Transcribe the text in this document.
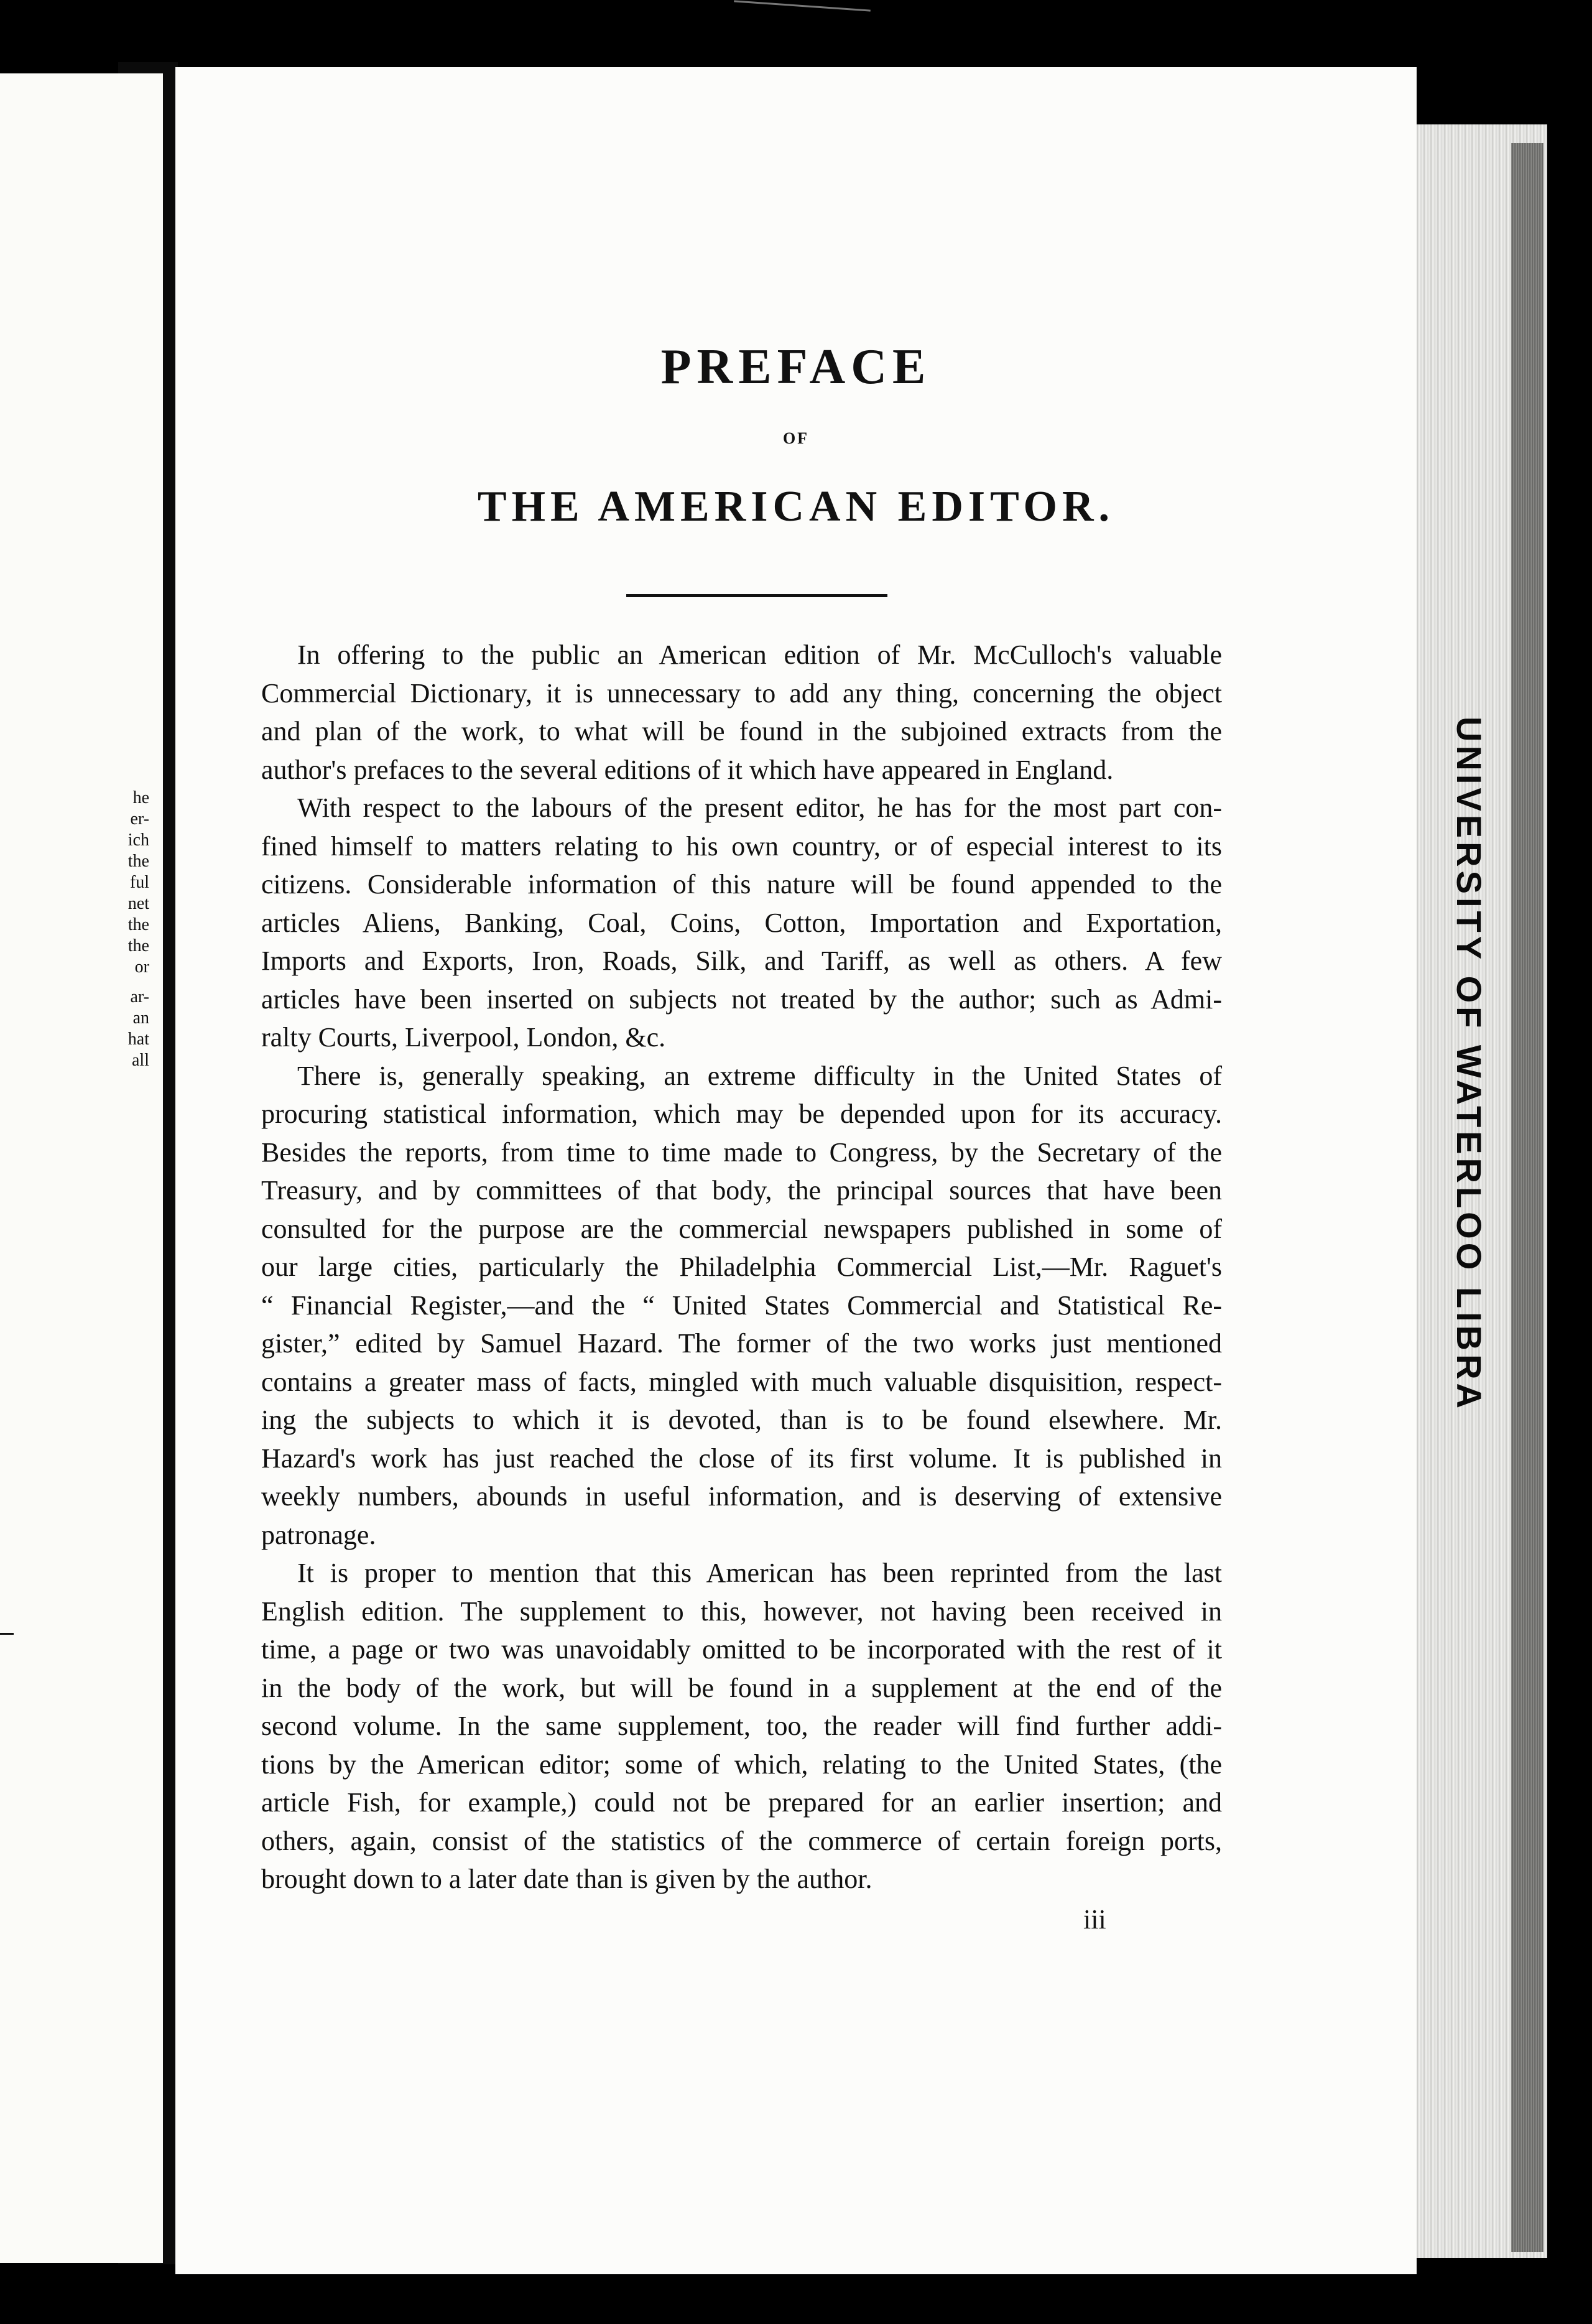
he
er-
ich
the
ful
net
the
the
or
ar-
an
hat
all	UNIVERSITY OF WATERLOO LIBRA
PREFACE
OF
THE AMERICAN EDITOR.

In offering to the public an American edition of Mr. McCulloch's valuable
Commercial Dictionary, it is unnecessary to add any thing, concerning the object
and plan of the work, to what will be found in the subjoined extracts from the
author's prefaces to the several editions of it which have appeared in England.

With respect to the labours of the present editor, he has for the most part con-
fined himself to matters relating to his own country, or of especial interest to its
citizens. Considerable information of this nature will be found appended to the
articles Aliens, Banking, Coal, Coins, Cotton, Importation and Exportation,
Imports and Exports, Iron, Roads, Silk, and Tariff, as well as others. A few
articles have been inserted on subjects not treated by the author; such as Admi-
ralty Courts, Liverpool, London, &c.

There is, generally speaking, an extreme difficulty in the United States of
procuring statistical information, which may be depended upon for its accuracy.
Besides the reports, from time to time made to Congress, by the Secretary of the
Treasury, and by committees of that body, the principal sources that have been
consulted for the purpose are the commercial newspapers published in some of
our large cities, particularly the Philadelphia Commercial List,—Mr. Raguet's
“ Financial Register,—and the “ United States Commercial and Statistical Re-
gister,” edited by Samuel Hazard. The former of the two works just mentioned
contains a greater mass of facts, mingled with much valuable disquisition, respect-
ing the subjects to which it is devoted, than is to be found elsewhere. Mr.
Hazard's work has just reached the close of its first volume. It is published in
weekly numbers, abounds in useful information, and is deserving of extensive
patronage.

It is proper to mention that this American has been reprinted from the last
English edition. The supplement to this, however, not having been received in
time, a page or two was unavoidably omitted to be incorporated with the rest of it
in the body of the work, but will be found in a supplement at the end of the
second volume. In the same supplement, too, the reader will find further addi-
tions by the American editor; some of which, relating to the United States, (the
article Fish, for example,) could not be prepared for an earlier insertion; and
others, again, consist of the statistics of the commerce of certain foreign ports,
brought down to a later date than is given by the author.

iii
